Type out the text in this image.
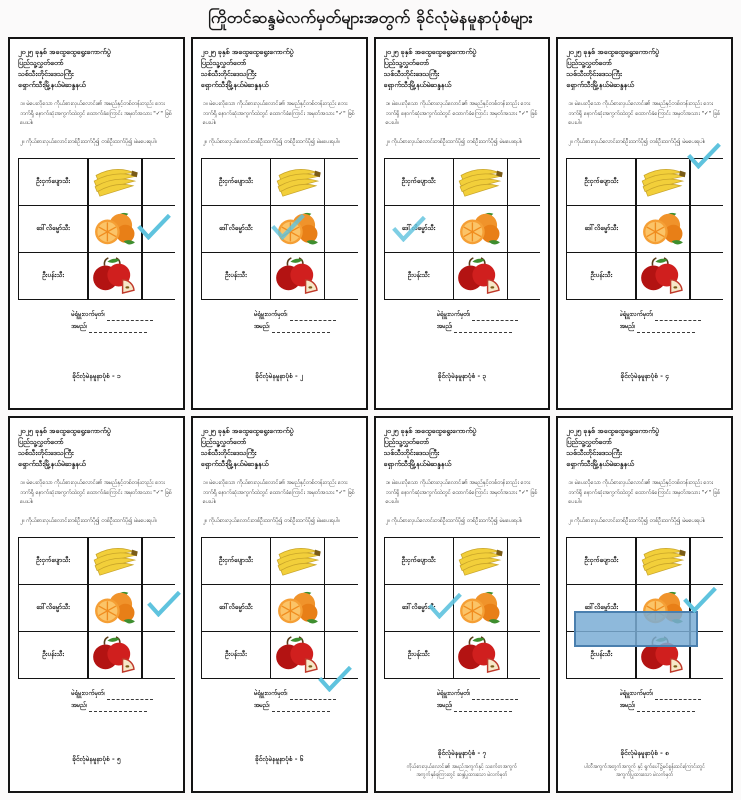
ကြိုတင်ဆန္ဒမဲလက်မှတ်များအတွက် ခိုင်လုံမဲနမူနာပုံစံများ
၂၀၂၅ ခုနှစ် အထွေထွေရွေးကောက်ပွဲ
ပြည်သူ့လွှတ်တော်
သစ်သီးတိုင်းဒေသကြီး
ရှောက်သီးမြို့နယ်မဲဆန္ဒနယ်
၁။ မဲပေးလိုသော ကိုယ်စားလှယ်လောင်း၏ အမည်နှင့်တစ်တန်းတည်း ဘေးဘက်ရှိ နောက်ဆုံးအကွက်ထဲတွင် ထောက်ခံကြောင်း အမှတ်အသား "✓" ခြစ်ပေးပါ။
၂။ ကိုယ်စားလှယ်လောင်းတစ်ဦးထက်ပို၍ တစ်ဦးထက်ပို၍ မဲမပေးရပါ။
ဦးငှက်ပျောသီး
ဒေါ်လိမ္မော်သီး
ဦးပန်းသီး
မဲရုံမှူးလက်မှတ်၊
အမည်၊
ခိုင်လုံမဲနမူနာပုံစံ - ၁
၂၀၂၅ ခုနှစ် အထွေထွေရွေးကောက်ပွဲ
ပြည်သူ့လွှတ်တော်
သစ်သီးတိုင်းဒေသကြီး
ရှောက်သီးမြို့နယ်မဲဆန္ဒနယ်
၁။ မဲပေးလိုသော ကိုယ်စားလှယ်လောင်း၏ အမည်နှင့်တစ်တန်းတည်း ဘေးဘက်ရှိ နောက်ဆုံးအကွက်ထဲတွင် ထောက်ခံကြောင်း အမှတ်အသား "✓" ခြစ်ပေးပါ။
၂။ ကိုယ်စားလှယ်လောင်းတစ်ဦးထက်ပို၍ တစ်ဦးထက်ပို၍ မဲမပေးရပါ။
ဦးငှက်ပျောသီး
ဒေါ်လိမ္မော်သီး
ဦးပန်းသီး
မဲရုံမှူးလက်မှတ်၊
အမည်၊
ခိုင်လုံမဲနမူနာပုံစံ - ၂
၂၀၂၅ ခုနှစ် အထွေထွေရွေးကောက်ပွဲ
ပြည်သူ့လွှတ်တော်
သစ်သီးတိုင်းဒေသကြီး
ရှောက်သီးမြို့နယ်မဲဆန္ဒနယ်
၁။ မဲပေးလိုသော ကိုယ်စားလှယ်လောင်း၏ အမည်နှင့်တစ်တန်းတည်း ဘေးဘက်ရှိ နောက်ဆုံးအကွက်ထဲတွင် ထောက်ခံကြောင်း အမှတ်အသား "✓" ခြစ်ပေးပါ။
၂။ ကိုယ်စားလှယ်လောင်းတစ်ဦးထက်ပို၍ တစ်ဦးထက်ပို၍ မဲမပေးရပါ။
ဦးငှက်ပျောသီး
ဒေါ်လိမ္မော်သီး
ဦးပန်းသီး
မဲရုံမှူးလက်မှတ်၊
အမည်၊
ခိုင်လုံမဲနမူနာပုံစံ - ၃
၂၀၂၅ ခုနှစ် အထွေထွေရွေးကောက်ပွဲ
ပြည်သူ့လွှတ်တော်
သစ်သီးတိုင်းဒေသကြီး
ရှောက်သီးမြို့နယ်မဲဆန္ဒနယ်
၁။ မဲပေးလိုသော ကိုယ်စားလှယ်လောင်း၏ အမည်နှင့်တစ်တန်းတည်း ဘေးဘက်ရှိ နောက်ဆုံးအကွက်ထဲတွင် ထောက်ခံကြောင်း အမှတ်အသား "✓" ခြစ်ပေးပါ။
၂။ ကိုယ်စားလှယ်လောင်းတစ်ဦးထက်ပို၍ တစ်ဦးထက်ပို၍ မဲမပေးရပါ။
ဦးငှက်ပျောသီး
ဒေါ်လိမ္မော်သီး
ဦးပန်းသီး
မဲရုံမှူးလက်မှတ်၊
အမည်၊
ခိုင်လုံမဲနမူနာပုံစံ - ၄
၂၀၂၅ ခုနှစ် အထွေထွေရွေးကောက်ပွဲ
ပြည်သူ့လွှတ်တော်
သစ်သီးတိုင်းဒေသကြီး
ရှောက်သီးမြို့နယ်မဲဆန္ဒနယ်
၁။ မဲပေးလိုသော ကိုယ်စားလှယ်လောင်း၏ အမည်နှင့်တစ်တန်းတည်း ဘေးဘက်ရှိ နောက်ဆုံးအကွက်ထဲတွင် ထောက်ခံကြောင်း အမှတ်အသား "✓" ခြစ်ပေးပါ။
၂။ ကိုယ်စားလှယ်လောင်းတစ်ဦးထက်ပို၍ တစ်ဦးထက်ပို၍ မဲမပေးရပါ။
ဦးငှက်ပျောသီး
ဒေါ်လိမ္မော်သီး
ဦးပန်းသီး
မဲရုံမှူးလက်မှတ်၊
အမည်၊
ခိုင်လုံမဲနမူနာပုံစံ - ၅
၂၀၂၅ ခုနှစ် အထွေထွေရွေးကောက်ပွဲ
ပြည်သူ့လွှတ်တော်
သစ်သီးတိုင်းဒေသကြီး
ရှောက်သီးမြို့နယ်မဲဆန္ဒနယ်
၁။ မဲပေးလိုသော ကိုယ်စားလှယ်လောင်း၏ အမည်နှင့်တစ်တန်းတည်း ဘေးဘက်ရှိ နောက်ဆုံးအကွက်ထဲတွင် ထောက်ခံကြောင်း အမှတ်အသား "✓" ခြစ်ပေးပါ။
၂။ ကိုယ်စားလှယ်လောင်းတစ်ဦးထက်ပို၍ တစ်ဦးထက်ပို၍ မဲမပေးရပါ။
ဦးငှက်ပျောသီး
ဒေါ်လိမ္မော်သီး
ဦးပန်းသီး
မဲရုံမှူးလက်မှတ်၊
အမည်၊
ခိုင်လုံမဲနမူနာပုံစံ - ၆
၂၀၂၅ ခုနှစ် အထွေထွေရွေးကောက်ပွဲ
ပြည်သူ့လွှတ်တော်
သစ်သီးတိုင်းဒေသကြီး
ရှောက်သီးမြို့နယ်မဲဆန္ဒနယ်
၁။ မဲပေးလိုသော ကိုယ်စားလှယ်လောင်း၏ အမည်နှင့်တစ်တန်းတည်း ဘေးဘက်ရှိ နောက်ဆုံးအကွက်ထဲတွင် ထောက်ခံကြောင်း အမှတ်အသား "✓" ခြစ်ပေးပါ။
၂။ ကိုယ်စားလှယ်လောင်းတစ်ဦးထက်ပို၍ တစ်ဦးထက်ပို၍ မဲမပေးရပါ။
ဦးငှက်ပျောသီး
ဒေါ်လိမ္မော်သီး
ဦးပန်းသီး
မဲရုံမှူးလက်မှတ်၊
အမည်၊
ခိုင်လုံမဲနမူနာပုံစံ - ၇
ကိုယ်စားလှယ်လောင်း၏ အမည်အကွက်နှင့် သင်္ကေတအကွက်
အကွက်နှစ်ခုကြားတွင် ဆန္ဒပြုထားသော မဲလက်မှတ်
၂၀၂၅ ခုနှစ် အထွေထွေရွေးကောက်ပွဲ
ပြည်သူ့လွှတ်တော်
သစ်သီးတိုင်းဒေသကြီး
ရှောက်သီးမြို့နယ်မဲဆန္ဒနယ်
၁။ မဲပေးလိုသော ကိုယ်စားလှယ်လောင်း၏ အမည်နှင့်တစ်တန်းတည်း ဘေးဘက်ရှိ နောက်ဆုံးအကွက်ထဲတွင် ထောက်ခံကြောင်း အမှတ်အသား "✓" ခြစ်ပေးပါ။
၂။ ကိုယ်စားလှယ်လောင်းတစ်ဦးထက်ပို၍ တစ်ဦးထက်ပို၍ မဲမပေးရပါ။
ဦးငှက်ပျောသီး
ဒေါ်လိမ္မော်သီး
ဦးပန်းသီး
မဲရုံမှူးလက်မှတ်၊
အမည်၊
ခိုင်လုံမဲနမူနာပုံစံ - ၈
ပါတီအကွက်အတွက်အကွက် နှင့် ရွက်ပေါ်၌မင်စွန်းထင်ကြောင်းတွင်
အကွက်ပြုထားသော မဲလက်မှတ်
